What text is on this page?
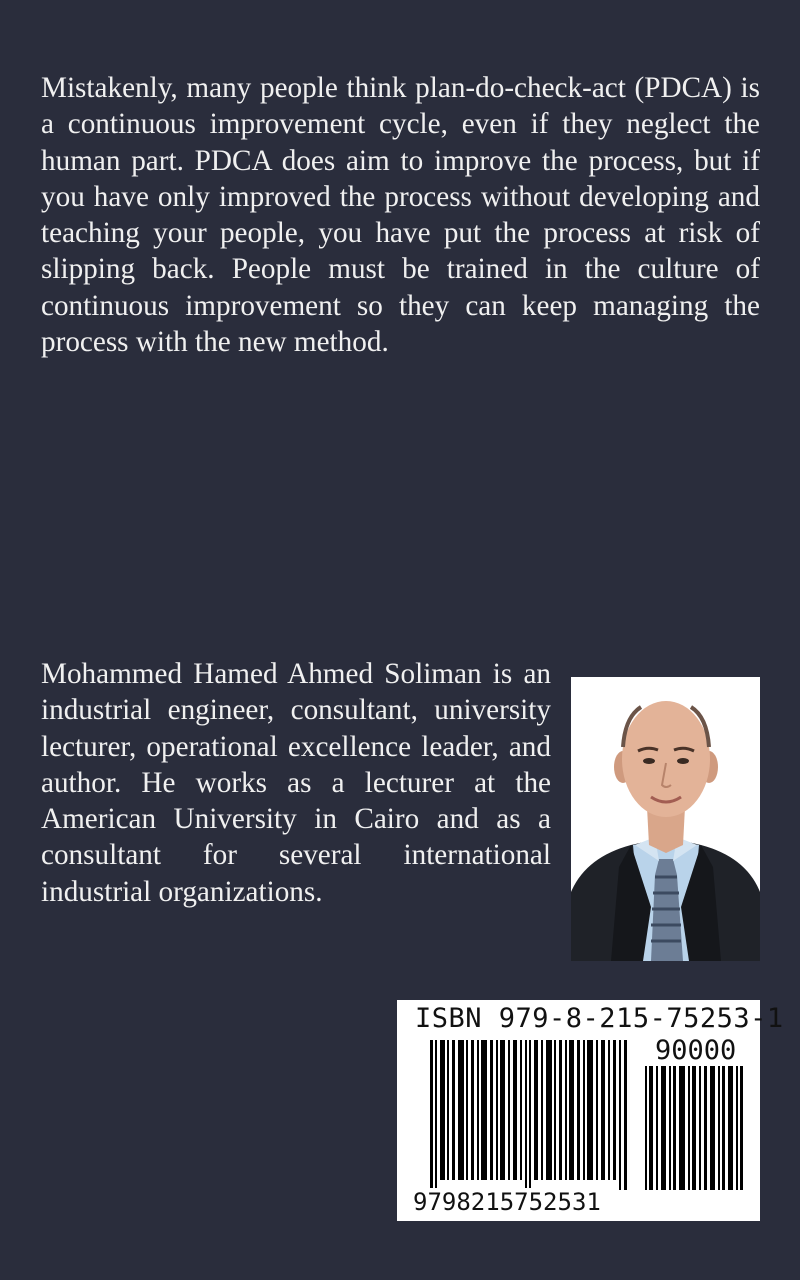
Mistakenly, many people think plan-do-check-act (PDCA) is a continuous improvement cycle, even if they neglect the human part. PDCA does aim to improve the process, but if you have only improved the process without developing and teaching your people, you have put the process at risk of slipping back. People must be trained in the culture of continuous improvement so they can keep managing the process with the new method.

Mohammed Hamed Ahmed Soliman is an industrial engineer, consultant, university lecturer, operational excellence leader, and author. He works as a lecturer at the American University in Cairo and as a consultant for several international industrial organizations.

ISBN 979-8-215-75253-1
90000
9798215752531
